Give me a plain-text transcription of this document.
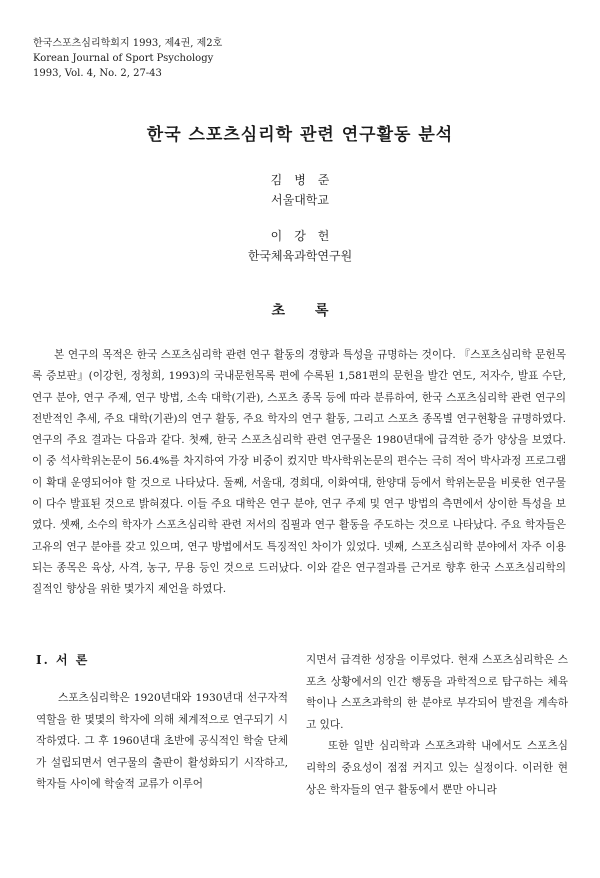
한국스포츠심리학회지 1993, 제4권, 제2호
Korean Journal of Sport Psychology
1993, Vol. 4, No. 2, 27-43
한국 스포츠심리학 관련 연구활동 분석
김병준
서울대학교
이강헌
한국체육과학연구원
초록

본 연구의 목적은 한국 스포츠심리학 관련 연구 활동의 경향과 특성을 규명하는 것이다. 『스포츠심리학 문헌목록 증보판』(이강헌, 정청희, 1993)의 국내문헌목록 편에 수록된 1,581편의 문헌을 발간 연도, 저자수, 발표 수단, 연구 분야, 연구 주제, 연구 방법, 소속 대학(기관), 스포츠 종목 등에 따라 분류하여, 한국 스포츠심리학 관련 연구의 전반적인 추세, 주요 대학(기관)의 연구 활동, 주요 학자의 연구 활동, 그리고 스포츠 종목별 연구현황을 규명하였다. 연구의 주요 결과는 다음과 같다. 첫째, 한국 스포츠심리학 관련 연구물은 1980년대에 급격한 증가 양상을 보였다. 이 중 석사학위논문이 56.4%를 차지하여 가장 비중이 컸지만 박사학위논문의 편수는 극히 적어 박사과정 프로그램이 확대 운영되어야 할 것으로 나타났다. 둘째, 서울대, 경희대, 이화여대, 한양대 등에서 학위논문을 비롯한 연구물이 다수 발표된 것으로 밝혀졌다. 이들 주요 대학은 연구 분야, 연구 주제 및 연구 방법의 측면에서 상이한 특성을 보였다. 셋째, 소수의 학자가 스포츠심리학 관련 저서의 집필과 연구 활동을 주도하는 것으로 나타났다. 주요 학자들은 고유의 연구 분야를 갖고 있으며, 연구 방법에서도 특징적인 차이가 있었다. 넷째, 스포츠심리학 분야에서 자주 이용되는 종목은 육상, 사격, 농구, 무용 등인 것으로 드러났다. 이와 같은 연구결과를 근거로 향후 한국 스포츠심리학의 질적인 향상을 위한 몇가지 제언을 하였다.

Ⅰ. 서 론

스포츠심리학은 1920년대와 1930년대 선구자적 역할을 한 몇몇의 학자에 의해 체계적으로 연구되기 시작하였다. 그 후 1960년대 초반에 공식적인 학술 단체가 설립되면서 연구물의 출판이 활성화되기 시작하고, 학자들 사이에 학술적 교류가 이루어

지면서 급격한 성장을 이루었다. 현재 스포츠심리학은 스포츠 상황에서의 인간 행동을 과학적으로 탐구하는 체육학이나 스포츠과학의 한 분야로 부각되어 발전을 계속하고 있다.

또한 일반 심리학과 스포츠과학 내에서도 스포츠심리학의 중요성이 점점 커지고 있는 실정이다. 이러한 현상은 학자들의 연구 활동에서 뿐만 아니라
